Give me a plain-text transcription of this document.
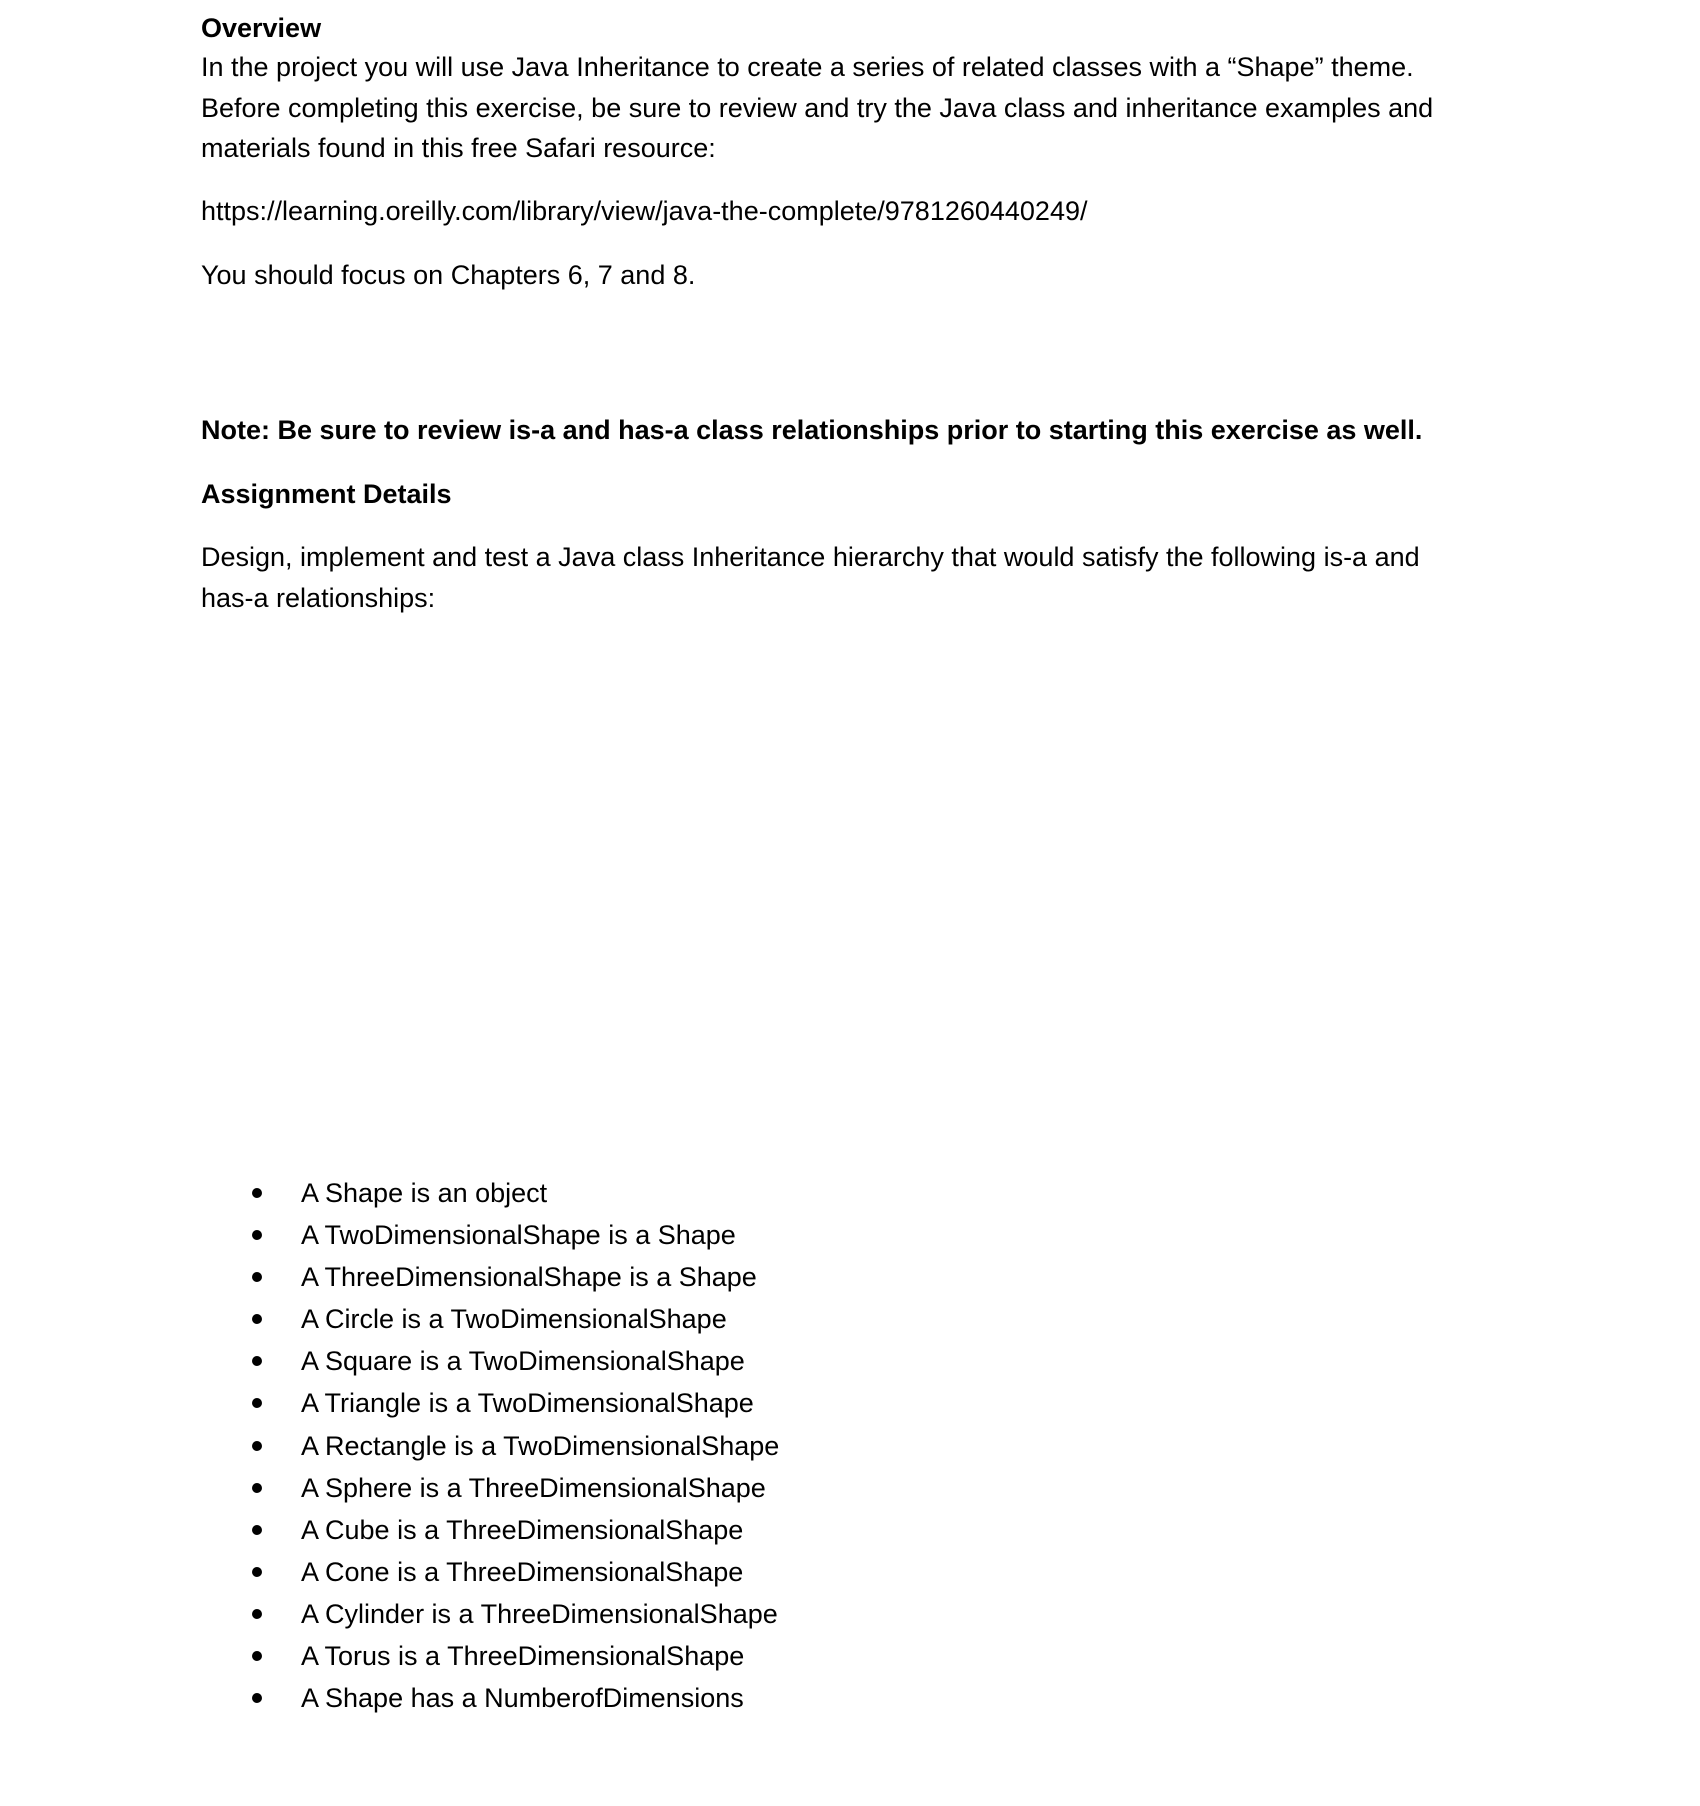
Overview
In the project you will use Java Inheritance to create a series of related classes with a “Shape” theme.
Before completing this exercise, be sure to review and try the Java class and inheritance examples and
materials found in this free Safari resource:
https://learning.oreilly.com/library/view/java-the-complete/9781260440249/
You should focus on Chapters 6, 7 and 8.
Note: Be sure to review is-a and has-a class relationships prior to starting this exercise as well.
Assignment Details
Design, implement and test a Java class Inheritance hierarchy that would satisfy the following is-a and
has-a relationships:
A Shape is an object
A TwoDimensionalShape is a Shape
A ThreeDimensionalShape is a Shape
A Circle is a TwoDimensionalShape
A Square is a TwoDimensionalShape
A Triangle is a TwoDimensionalShape
A Rectangle is a TwoDimensionalShape
A Sphere is a ThreeDimensionalShape
A Cube is a ThreeDimensionalShape
A Cone is a ThreeDimensionalShape
A Cylinder is a ThreeDimensionalShape
A Torus is a ThreeDimensionalShape
A Shape has a NumberofDimensions
